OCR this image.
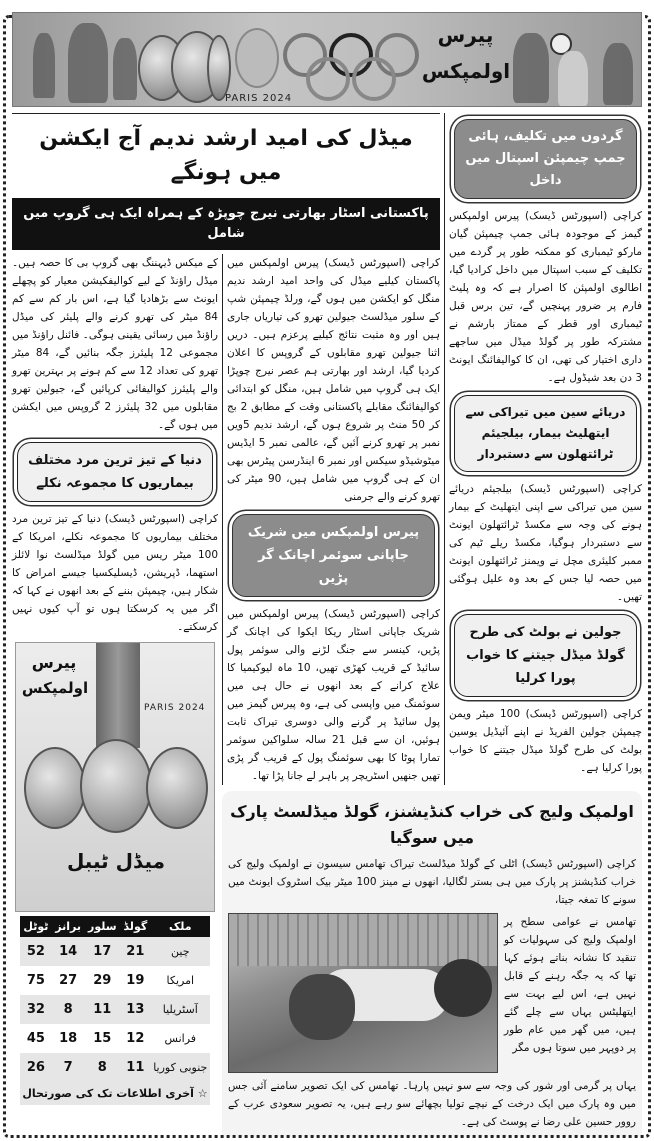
PARIS 2024
پیرس
اولمپکس
میڈل کی امید ارشد ندیم آج ایکشن میں ہونگے
پاکستانی اسٹار بھارتی نیرج چوپڑہ کے ہمراہ ایک ہی گروپ میں شامل
گردوں میں تکلیف، ہائی جمپ چیمپئن اسپتال میں داخل
کراچی (اسپورٹس ڈیسک) پیرس اولمپکس گیمز کے موجودہ ہائی جمپ چیمپئن گیان مارکو ٹیمباری کو ممکنہ طور پر گردے میں تکلیف کے سبب اسپتال میں داخل کرادیا گیا، اطالوی اولمپئن کا اصرار ہے کہ وہ پلیٹ فارم پر ضرور پہنچیں گے، تین برس قبل ٹیمباری اور قطر کے ممتاز بارشم نے مشترکہ طور پر گولڈ میڈل میں ساجھے داری اختیار کی تھی، ان کا کوالیفائنگ ایونٹ 3 دن بعد شیڈول ہے۔
دریائے سین میں تیراکی سے ایتھلیٹ بیمار، بیلجیئم ٹرائتھلون سے دستبردار
کراچی (اسپورٹس ڈیسک) بیلجیئم دریائے سین میں تیراکی سے اپنی ایتھلیٹ کے بیمار ہونے کی وجہ سے مکسڈ ٹرائتھلون ایونٹ سے دستبردار ہوگیا، مکسڈ ریلے ٹیم کی ممبر کلیئری مچل نے ویمنز ٹرائتھلون ایونٹ میں حصہ لیا جس کے بعد وہ علیل ہوگئی تھیں۔
جولین نے بولٹ کی طرح گولڈ میڈل جیتنے کا خواب پورا کرلیا
کراچی (اسپورٹس ڈیسک) 100 میٹر ویمن چیمپئن جولین الفریڈ نے اپنے آئیڈیل یوسین بولٹ کی طرح گولڈ میڈل جیتنے کا خواب پورا کرلیا ہے۔
کے میکس ڈیہننگ بھی گروپ بی کا حصہ ہیں۔ میڈل راؤنڈ کے لیے کوالیفکیشن معیار کو پچھلے ایونٹ سے بڑھادیا گیا ہے، اس بار کم سے کم 84 میٹر کی تھرو کرنے والے پلیئر کی میڈل راؤنڈ میں رسائی یقینی ہوگی۔ فائنل راؤنڈ میں مجموعی 12 پلیئرز جگہ بنائیں گے، 84 میٹر تھرو کی تعداد 12 سے کم ہونے پر بہترین تھرو والے پلیئرز کوالیفائی کرپائیں گے، جیولین تھرو مقابلوں میں 32 پلیئرز 2 گروپس میں ایکشن میں ہوں گے۔
دنیا کے تیز ترین مرد مختلف بیماریوں کا مجموعہ نکلے
کراچی (اسپورٹس ڈیسک) دنیا کے تیز ترین مرد مختلف بیماریوں کا مجموعہ نکلے، امریکا کے 100 میٹر ریس میں گولڈ میڈلسٹ نوا لائلز استھما، ڈپریشن، ڈیسلیکسیا جیسے امراض کا شکار ہیں، چیمپئن بننے کے بعد انھوں نے کہا کہ اگر میں یہ کرسکتا ہوں تو آپ کیوں نہیں کرسکتے۔
پیرس
اولمپکس
PARIS 2024
میڈل ٹیبل
ملک	گولڈ	سلور	برانز	ٹوٹل
چین	21	17	14	52
امریکا	19	29	27	75
آسٹریلیا	13	11	8	32
فرانس	12	15	18	45
جنوبی کوریا	11	8	7	26
☆ آخری اطلاعات تک کی صورتحال
کراچی (اسپورٹس ڈیسک) پیرس اولمپکس میں پاکستان کیلیے میڈل کی واحد امید ارشد ندیم منگل کو ایکشن میں ہوں گے، ورلڈ چیمپئن شپ کے سلور میڈلسٹ جیولین تھرو کی تیاریاں جاری ہیں اور وہ مثبت نتائج کیلیے پرعزم ہیں۔ دریں اثنا جیولین تھرو مقابلوں کے گروپس کا اعلان کردیا گیا، ارشد اور بھارتی ہم عصر نیرج چوپڑا ایک ہی گروپ میں شامل ہیں، منگل کو ابتدائی کوالیفائنگ مقابلے پاکستانی وقت کے مطابق 2 بج کر 50 منٹ پر شروع ہوں گے، ارشد ندیم 5ویں نمبر پر تھرو کرنے آئیں گے، عالمی نمبر 5 ایڈیس میٹوشیڈو سیکس اور نمبر 6 اینڈرسن پیٹرس بھی ان کے ہی گروپ میں شامل ہیں، 90 میٹر کی تھرو کرنے والے جرمنی
پیرس اولمپکس میں شریک جاپانی سوئمر اچانک گر پڑیں
کراچی (اسپورٹس ڈیسک) پیرس اولمپکس میں شریک جاپانی اسٹار ریکا ایکوا کی اچانک گر پڑیں، کینسر سے جنگ لڑنے والی سوئمر پول سائیڈ کے قریب کھڑی تھیں، 10 ماہ لیوکیمیا کا علاج کرانے کے بعد انھوں نے حال ہی میں سوئمنگ میں واپسی کی ہے، وہ پیرس گیمز میں پول سائیڈ پر گرنے والی دوسری تیراک ثابت ہوئیں، ان سے قبل 21 سالہ سلواکین سوئمر تمارا پوٹا کا بھی سوئمنگ پول کے قریب گر پڑی تھیں جنھیں اسٹریچر پر باہر لے جانا پڑا تھا۔
اولمپک ولیج کی خراب کنڈیشنز، گولڈ میڈلسٹ پارک میں سوگیا
کراچی (اسپورٹس ڈیسک) اٹلی کے گولڈ میڈلسٹ تیراک تھامس سیسون نے اولمپک ولیج کی خراب کنڈیشنز پر پارک میں ہی بستر لگالیا، انھوں نے مینز 100 میٹر بیک اسٹروک ایونٹ میں سونے کا تمغہ جیتا،
تھامس نے عوامی سطح پر اولمپک ولیج کی سہولیات کو تنقید کا نشانہ بناتے ہوئے کہا تھا کہ یہ جگہ رہنے کے قابل نہیں ہے، اس لیے بہت سے ایتھلیٹس یہاں سے چلے گئے ہیں، میں گھر میں عام طور پر دوپہر میں سوتا ہوں مگر
یہاں پر گرمی اور شور کی وجہ سے سو نہیں پارہا۔ تھامس کی ایک تصویر سامنے آئی جس میں وہ پارک میں ایک درخت کے نیچے تولیا بچھائے سو رہے ہیں، یہ تصویر سعودی عرب کے روور حسین علی رضا نے پوسٹ کی ہے۔
